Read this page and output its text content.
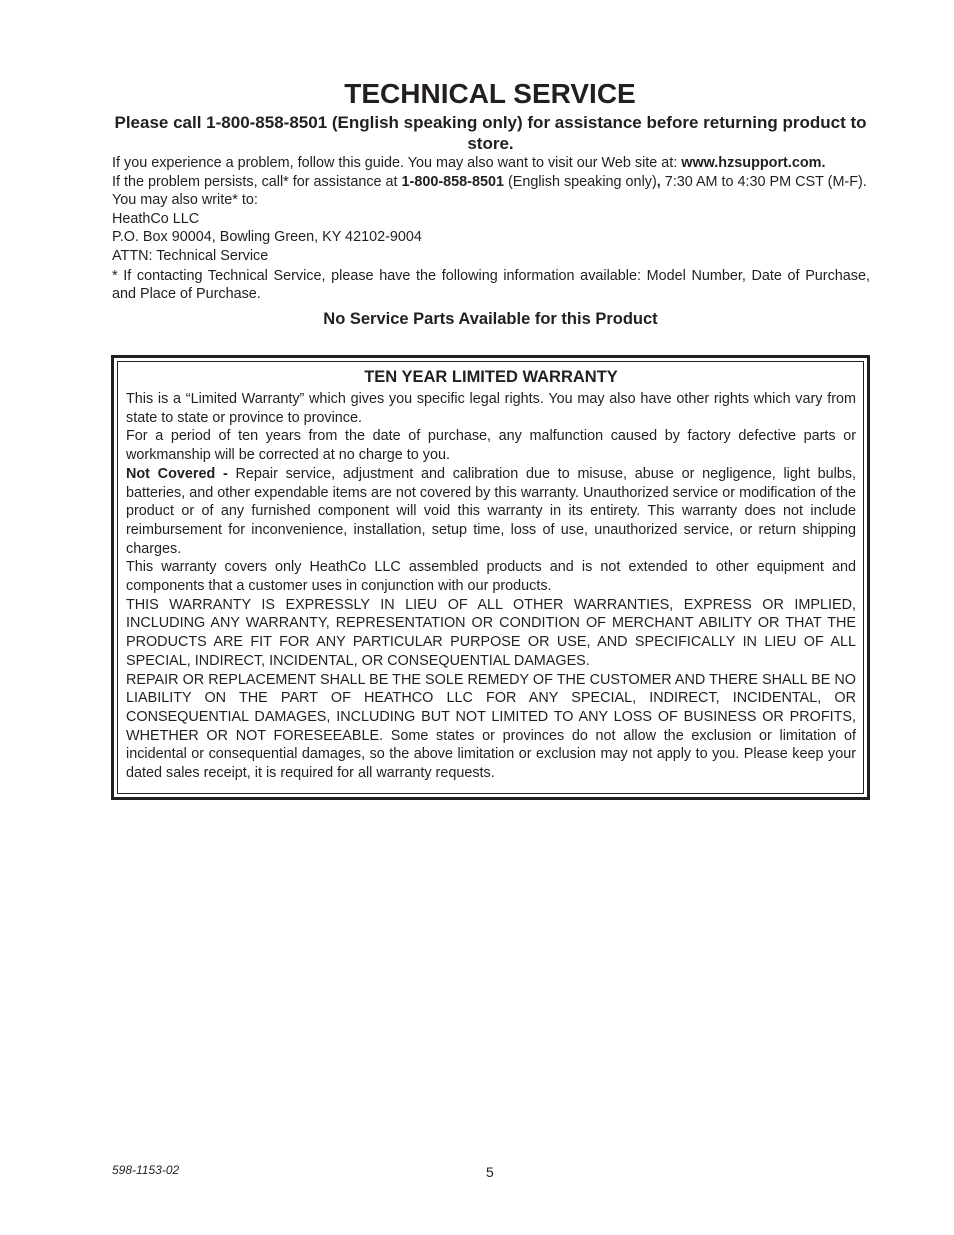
TECHNICAL SERVICE
Please call 1-800-858-8501 (English speaking only) for assistance before returning product to store.

If you experience a problem, follow this guide. You may also want to visit our Web site at: www.hzsupport.com.

If the problem persists, call* for assistance at 1-800-858-8501 (English speaking only), 7:30 AM to 4:30 PM CST (M-F). You may also write* to:

HeathCo LLC

P.O. Box 90004, Bowling Green, KY 42102-9004

ATTN: Technical Service

* If contacting Technical Service, please have the following information available: Model Number, Date of Purchase, and Place of Purchase.

No Service Parts Available for this Product

TEN YEAR LIMITED WARRANTY

This is a “Limited Warranty” which gives you specific legal rights. You may also have other rights which vary from state to state or province to province.

For a period of ten years from the date of purchase, any malfunction caused by factory defective parts or workmanship will be corrected at no charge to you.

Not Covered - Repair service, adjustment and calibration due to misuse, abuse or negligence, light bulbs, batteries, and other expendable items are not covered by this warranty. Unauthorized service or modification of the product or of any furnished component will void this warranty in its entirety. This warranty does not include reimbursement for inconvenience, installation, setup time, loss of use, unauthorized service, or return shipping charges.

This warranty covers only HeathCo LLC assembled products and is not extended to other equipment and components that a customer uses in conjunction with our products.

THIS WARRANTY IS EXPRESSLY IN LIEU OF ALL OTHER WARRANTIES, EXPRESS OR IMPLIED, INCLUDING ANY WARRANTY, REPRESENTATION OR CONDITION OF MERCHANT ABILITY OR THAT THE PRODUCTS ARE FIT FOR ANY PARTICULAR PURPOSE OR USE, AND SPECIFICALLY IN LIEU OF ALL SPECIAL, INDIRECT, INCIDENTAL, OR CONSEQUENTIAL DAMAGES.

REPAIR OR REPLACEMENT SHALL BE THE SOLE REMEDY OF THE CUSTOMER AND THERE SHALL BE NO LIABILITY ON THE PART OF HEATHCO LLC FOR ANY SPECIAL, INDIRECT, INCIDENTAL, OR CONSEQUENTIAL DAMAGES, INCLUDING BUT NOT LIMITED TO ANY LOSS OF BUSINESS OR PROFITS, WHETHER OR NOT FORESEEABLE. Some states or provinces do not allow the exclusion or limitation of incidental or consequential damages, so the above limitation or exclusion may not apply to you. Please keep your dated sales receipt, it is required for all warranty requests.

598-1153-02	5
